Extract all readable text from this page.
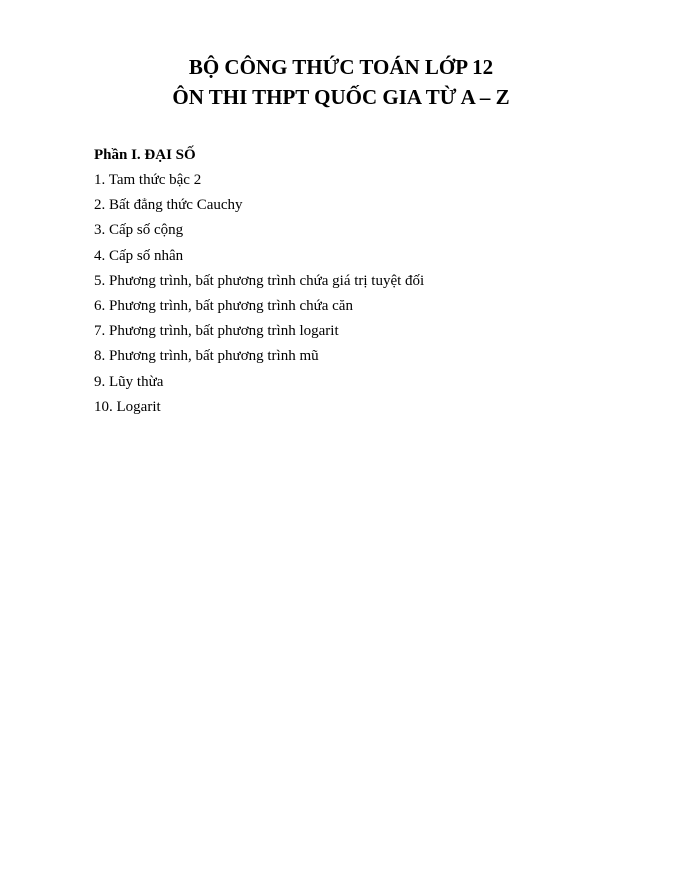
BỘ CÔNG THỨC TOÁN LỚP 12

ÔN THI THPT QUỐC GIA TỪ A – Z

Phần I. ĐẠI SỐ

1. Tam thức bậc 2
2. Bất đẳng thức Cauchy
3. Cấp số cộng
4. Cấp số nhân
5. Phương trình, bất phương trình chứa giá trị tuyệt đối
6. Phương trình, bất phương trình chứa căn
7. Phương trình, bất phương trình logarit
8. Phương trình, bất phương trình mũ
9. Lũy thừa
10. Logarit
